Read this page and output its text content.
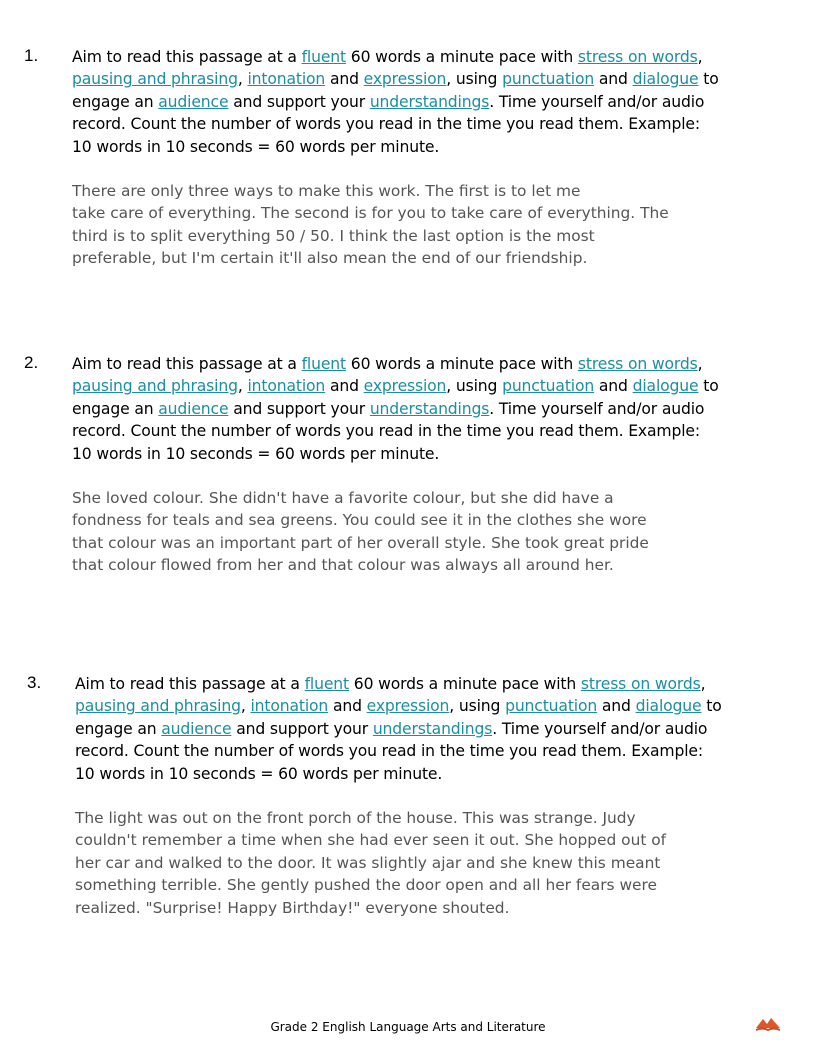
1. Aim to read this passage at a fluent 60 words a minute pace with stress on words,
pausing and phrasing, intonation and expression, using punctuation and dialogue to
engage an audience and support your understandings. Time yourself and/or audio
record. Count the number of words you read in the time you read them. Example:
10 words in 10 seconds = 60 words per minute.
There are only three ways to make this work. The first is to let me
take care of everything. The second is for you to take care of everything. The
third is to split everything 50 / 50. I think the last option is the most
preferable, but I'm certain it'll also mean the end of our friendship.
2. Aim to read this passage at a fluent 60 words a minute pace with stress on words,
pausing and phrasing, intonation and expression, using punctuation and dialogue to
engage an audience and support your understandings. Time yourself and/or audio
record. Count the number of words you read in the time you read them. Example:
10 words in 10 seconds = 60 words per minute.
She loved colour. She didn't have a favorite colour, but she did have a
fondness for teals and sea greens. You could see it in the clothes she wore
that colour was an important part of her overall style. She took great pride
that colour flowed from her and that colour was always all around her.
3. Aim to read this passage at a fluent 60 words a minute pace with stress on words,
pausing and phrasing, intonation and expression, using punctuation and dialogue to
engage an audience and support your understandings. Time yourself and/or audio
record. Count the number of words you read in the time you read them. Example:
10 words in 10 seconds = 60 words per minute.
The light was out on the front porch of the house. This was strange. Judy
couldn't remember a time when she had ever seen it out. She hopped out of
her car and walked to the door. It was slightly ajar and she knew this meant
something terrible. She gently pushed the door open and all her fears were
realized. "Surprise! Happy Birthday!" everyone shouted.
Grade 2 English Language Arts and Literature
